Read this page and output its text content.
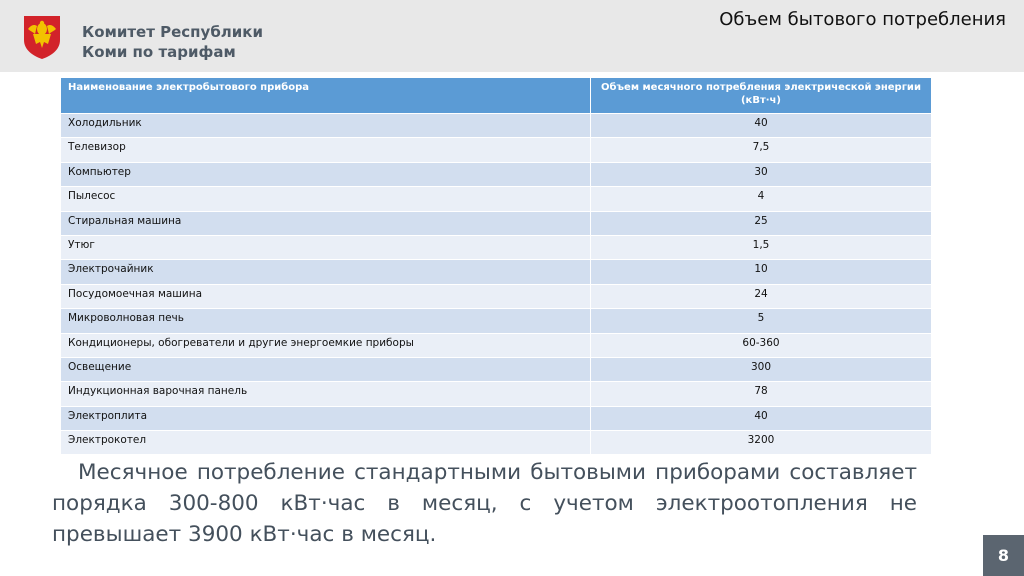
Комитет Республики
Коми по тарифам
Объем бытового потребления
Наименование электробытового прибора	Объем месячного потребления электрической энергии (кВт·ч)
Холодильник	40
Телевизор	7,5
Компьютер	30
Пылесос	4
Стиральная машина	25
Утюг	1,5
Электрочайник	10
Посудомоечная машина	24
Микроволновая печь	5
Кондиционеры, обогреватели и другие энергоемкие приборы	60-360
Освещение	300
Индукционная варочная панель	78
Электроплита	40
Электрокотел	3200

Месячное потребление стандартными бытовыми приборами составляет порядка 300-800 кВт·час в месяц, с учетом электроотопления не превышает 3900 кВт·час в месяц.

8
